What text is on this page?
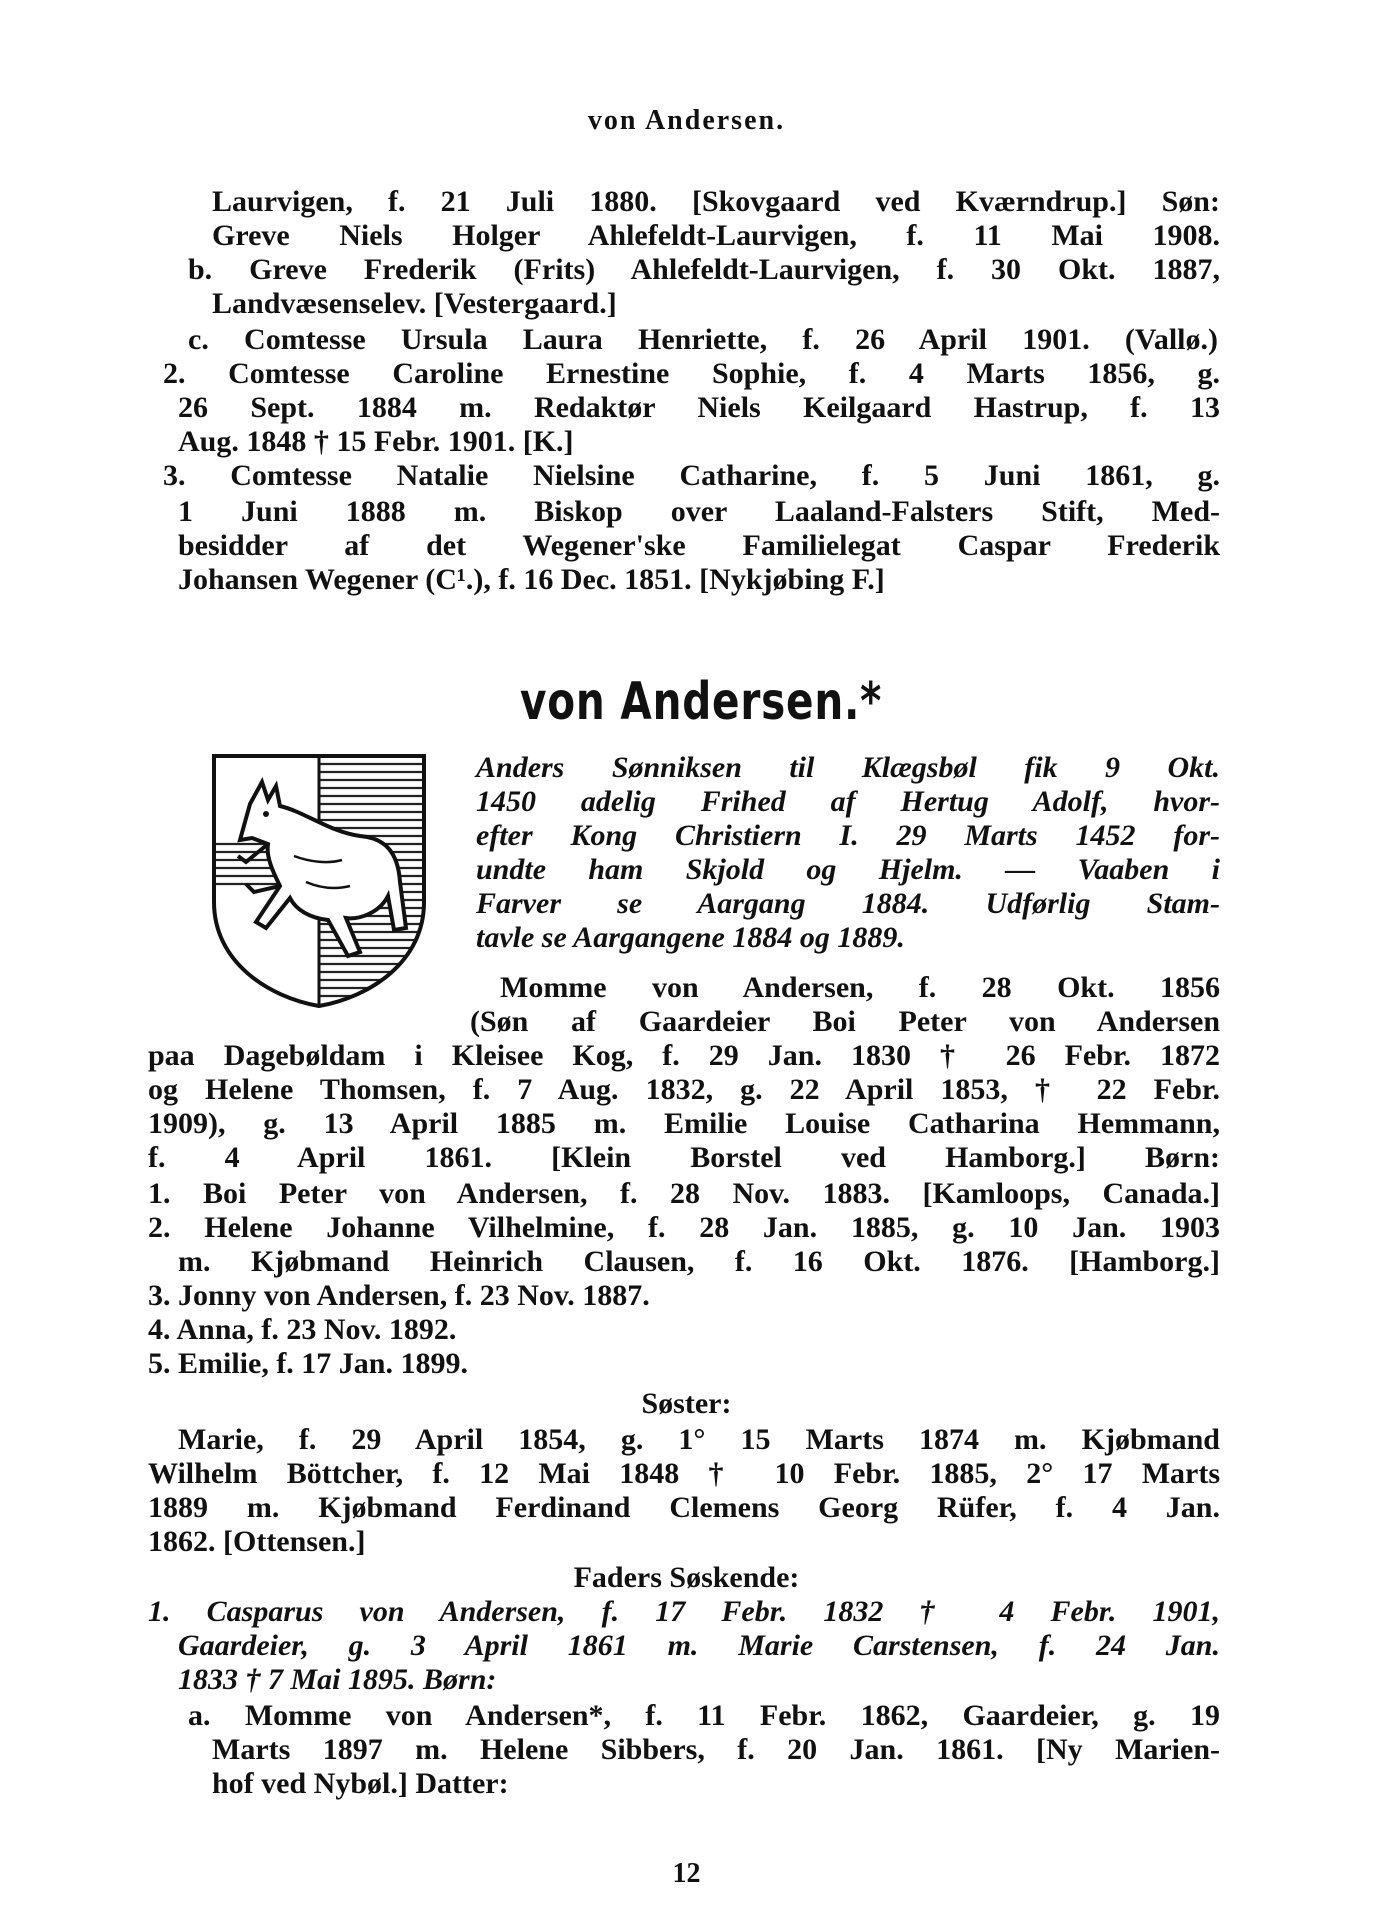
von Andersen.
Laurvigen, f. 21 Juli 1880. [Skovgaard ved Kværndrup.] Søn:
Greve Niels Holger Ahlefeldt-Laurvigen, f. 11 Mai 1908.
b. Greve Frederik (Frits) Ahlefeldt-Laurvigen, f. 30 Okt. 1887,
Landvæsenselev. [Vestergaard.]
c. Comtesse Ursula Laura Henriette, f. 26 April 1901. (Vallø.)
2. Comtesse Caroline Ernestine Sophie, f. 4 Marts 1856, g.
26 Sept. 1884 m. Redaktør Niels Keilgaard Hastrup, f. 13
Aug. 1848 † 15 Febr. 1901. [K.]
3. Comtesse Natalie Nielsine Catharine, f. 5 Juni 1861, g.
1 Juni 1888 m. Biskop over Laaland-Falsters Stift, Med-
besidder af det Wegener'ske Familielegat Caspar Frederik
Johansen Wegener (C¹.), f. 16 Dec. 1851. [Nykjøbing F.]
von Andersen.*
Anders Sønniksen til Klægsbøl fik 9 Okt.
1450 adelig Frihed af Hertug Adolf, hvor-
efter Kong Christiern I. 29 Marts 1452 for-
undte ham Skjold og Hjelm. — Vaaben i
Farver se Aargang 1884. Udførlig Stam-
tavle se Aargangene 1884 og 1889.
Momme von Andersen, f. 28 Okt. 1856
(Søn af Gaardeier Boi Peter von Andersen
paa Dagebøldam i Kleisee Kog, f. 29 Jan. 1830 † 26 Febr. 1872
og Helene Thomsen, f. 7 Aug. 1832, g. 22 April 1853, † 22 Febr.
1909), g. 13 April 1885 m. Emilie Louise Catharina Hemmann,
f. 4 April 1861. [Klein Borstel ved Hamborg.] Børn:
1. Boi Peter von Andersen, f. 28 Nov. 1883. [Kamloops, Canada.]
2. Helene Johanne Vilhelmine, f. 28 Jan. 1885, g. 10 Jan. 1903
m. Kjøbmand Heinrich Clausen, f. 16 Okt. 1876. [Hamborg.]
3. Jonny von Andersen, f. 23 Nov. 1887.
4. Anna, f. 23 Nov. 1892.
5. Emilie, f. 17 Jan. 1899.
Søster:
Marie, f. 29 April 1854, g. 1° 15 Marts 1874 m. Kjøbmand
Wilhelm Böttcher, f. 12 Mai 1848 † 10 Febr. 1885, 2° 17 Marts
1889 m. Kjøbmand Ferdinand Clemens Georg Rüfer, f. 4 Jan.
1862. [Ottensen.]
Faders Søskende:
1. Casparus von Andersen, f. 17 Febr. 1832 † 4 Febr. 1901,
Gaardeier, g. 3 April 1861 m. Marie Carstensen, f. 24 Jan.
1833 † 7 Mai 1895. Børn:
a. Momme von Andersen*, f. 11 Febr. 1862, Gaardeier, g. 19
Marts 1897 m. Helene Sibbers, f. 20 Jan. 1861. [Ny Marien-
hof ved Nybøl.] Datter:
12
